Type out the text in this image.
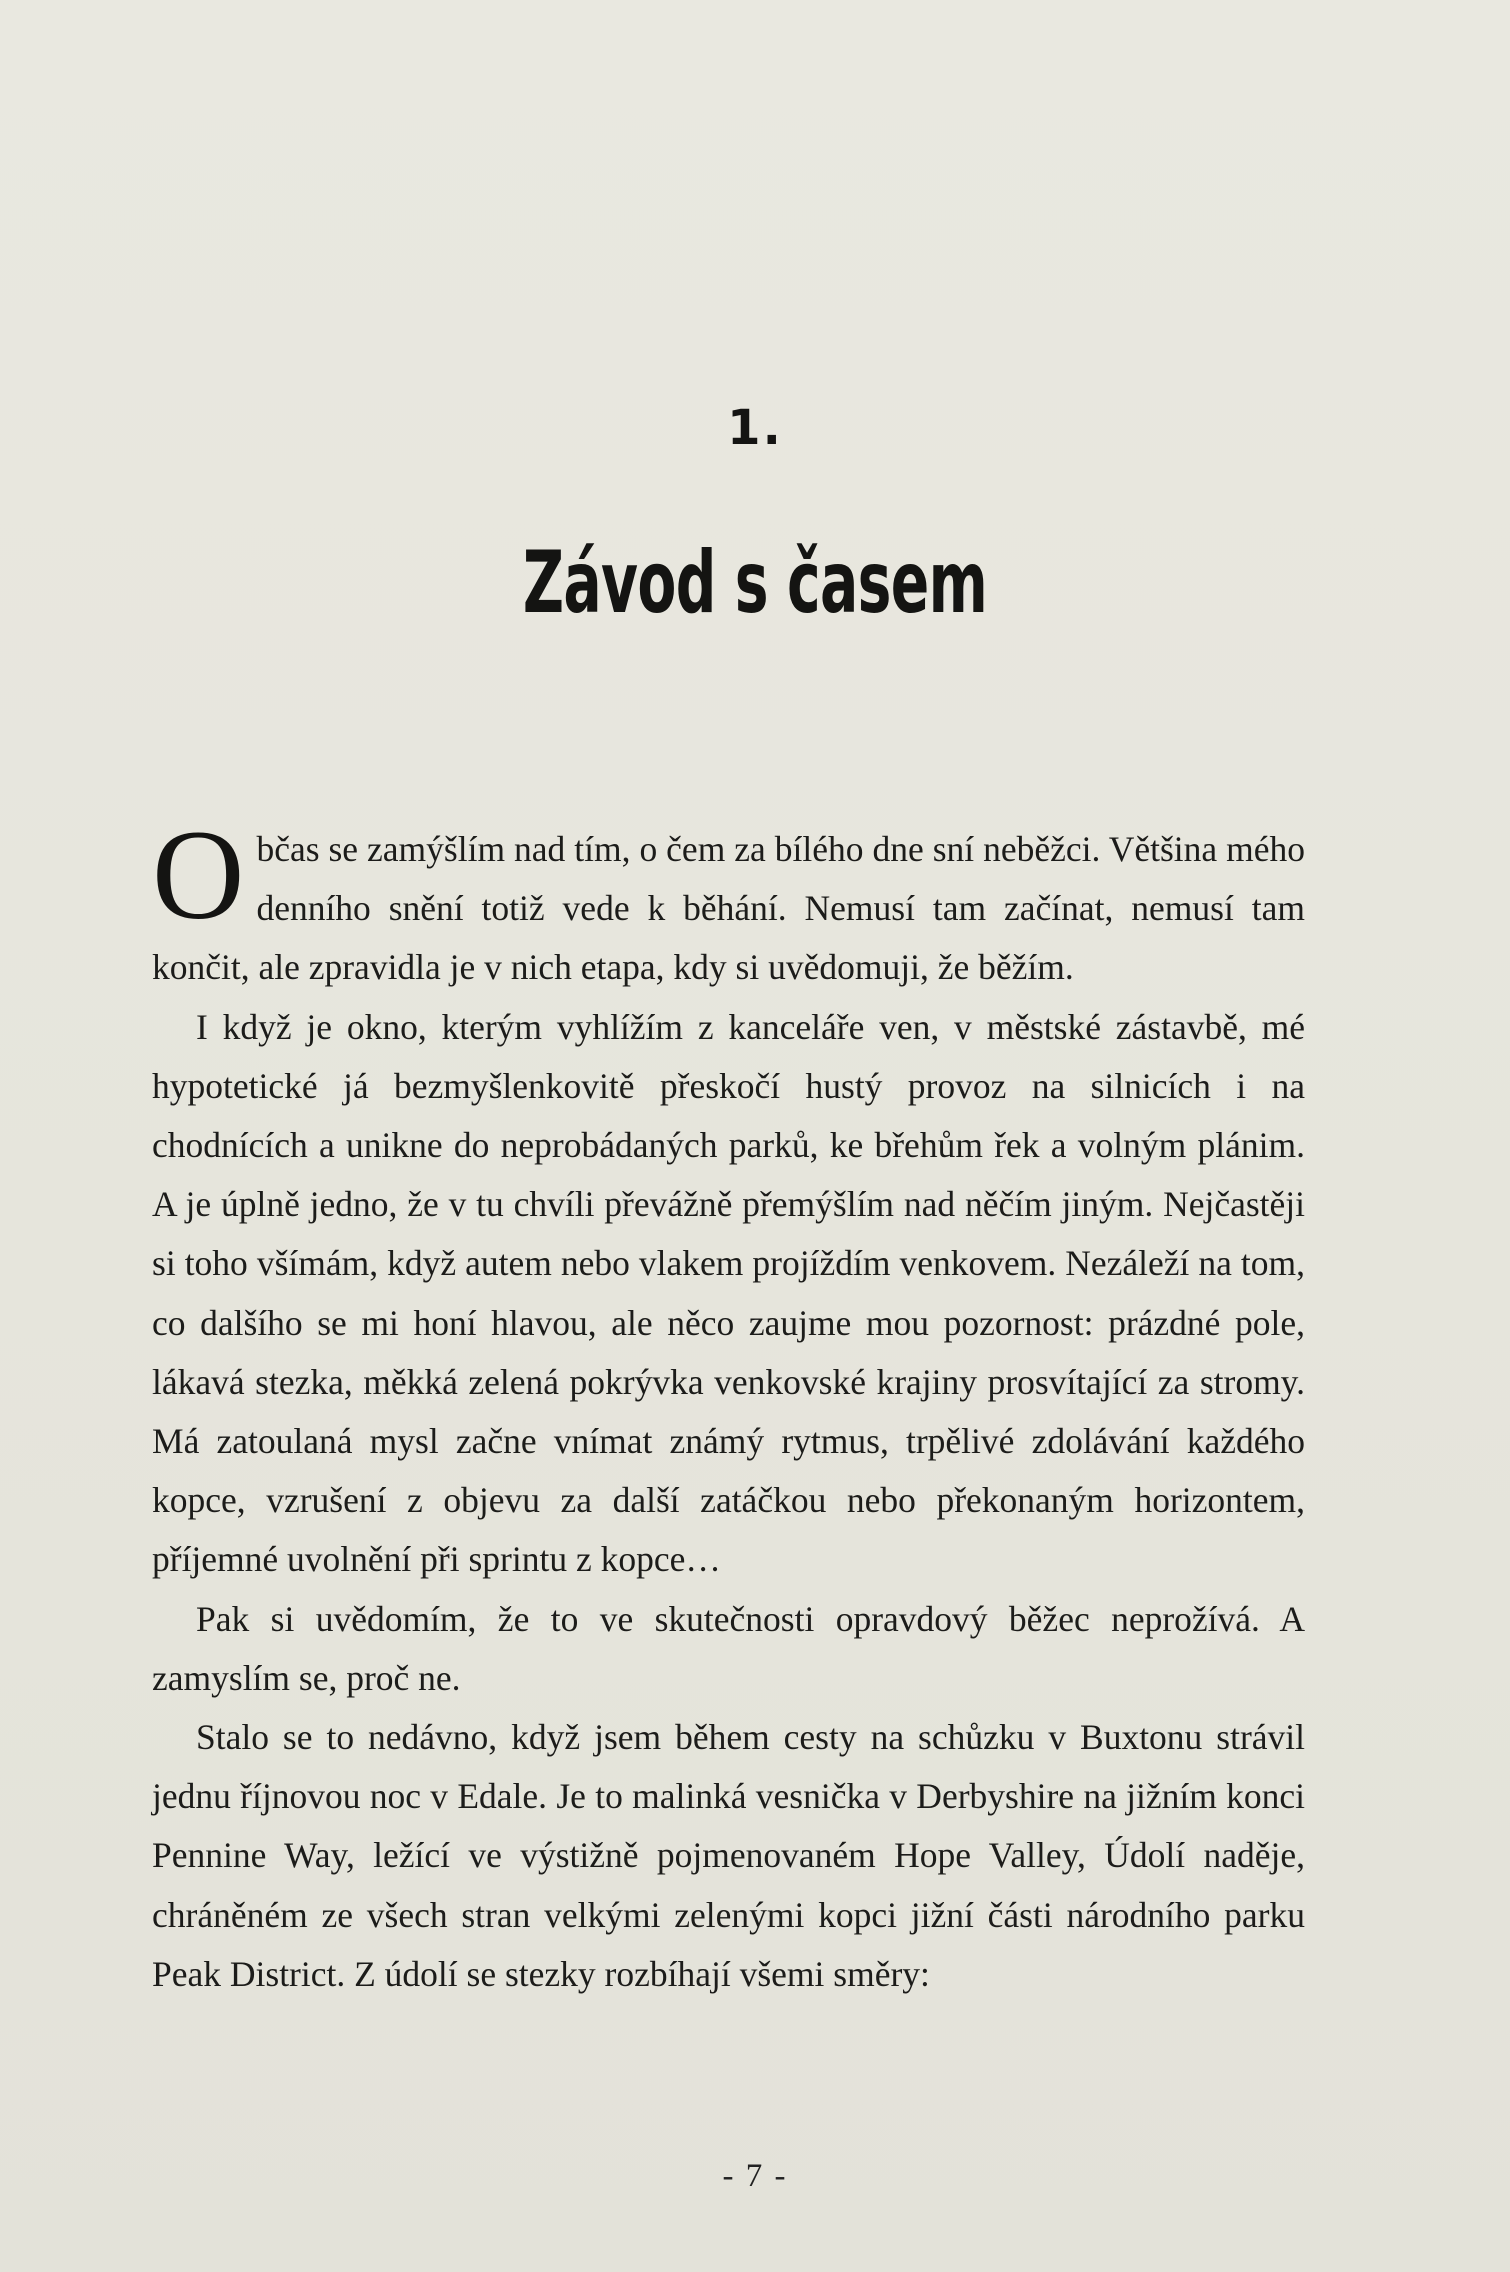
1.
Závod s časem

Občas se zamýšlím nad tím, o čem za bílého dne sní neběžci. Většina mého denního snění totiž vede k běhání. Nemusí tam začínat, nemusí tam končit, ale zpravidla je v nich etapa, kdy si uvědomuji, že běžím.

I když je okno, kterým vyhlížím z kanceláře ven, v městské zástavbě, mé hypotetické já bezmyšlenkovitě přeskočí hustý provoz na silnicích i na chodnících a unikne do neprobádaných parků, ke břehům řek a volným plánim. A je úplně jedno, že v tu chvíli převážně přemýšlím nad něčím jiným. Nejčastěji si toho všímám, když autem nebo vlakem projíždím venkovem. Nezáleží na tom, co dalšího se mi honí hlavou, ale něco zaujme mou pozornost: prázdné pole, lákavá stezka, měkká zelená pokrývka venkovské krajiny prosvítající za stromy. Má zatoulaná mysl začne vnímat známý rytmus, trpělivé zdolávání každého kopce, vzrušení z objevu za další zatáčkou nebo překonaným horizontem, příjemné uvolnění při sprintu z kopce…

Pak si uvědomím, že to ve skutečnosti opravdový běžec neprožívá. A zamyslím se, proč ne.

Stalo se to nedávno, když jsem během cesty na schůzku v Buxtonu strávil jednu říjnovou noc v Edale. Je to malinká vesnička v Derbyshire na jižním konci Pennine Way, ležící ve výstižně pojmenovaném Hope Valley, Údolí naděje, chráněném ze všech stran velkými zelenými kopci jižní části národního parku Peak District. Z údolí se stezky rozbíhají všemi směry:

- 7 -
